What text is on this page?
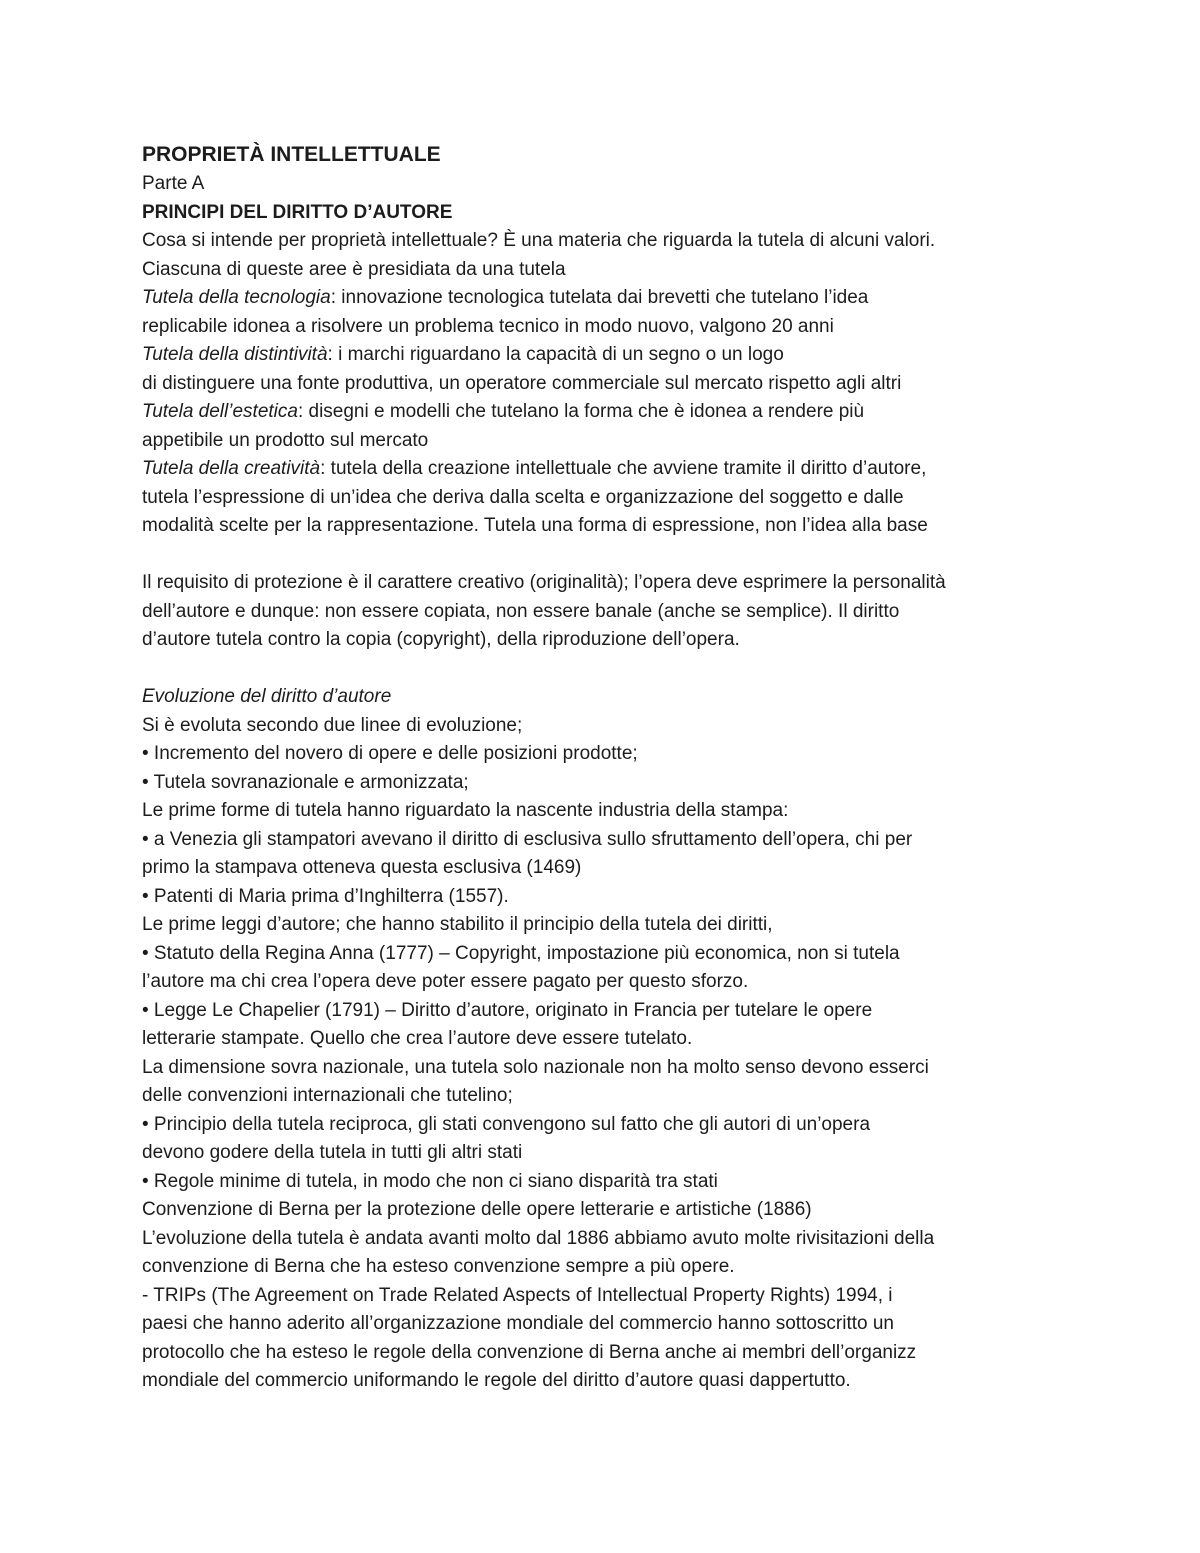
PROPRIETÀ INTELLETTUALE
Parte A
PRINCIPI DEL DIRITTO D’AUTORE
Cosa si intende per proprietà intellettuale? È una materia che riguarda la tutela di alcuni valori.
Ciascuna di queste aree è presidiata da una tutela
Tutela della tecnologia: innovazione tecnologica tutelata dai brevetti che tutelano l’idea
replicabile idonea a risolvere un problema tecnico in modo nuovo, valgono 20 anni
Tutela della distintività: i marchi riguardano la capacità di un segno o un logo
di distinguere una fonte produttiva, un operatore commerciale sul mercato rispetto agli altri
Tutela dell’estetica: disegni e modelli che tutelano la forma che è idonea a rendere più
appetibile un prodotto sul mercato
Tutela della creatività: tutela della creazione intellettuale che avviene tramite il diritto d’autore,
tutela l’espressione di un’idea che deriva dalla scelta e organizzazione del soggetto e dalle
modalità scelte per la rappresentazione. Tutela una forma di espressione, non l’idea alla base
Il requisito di protezione è il carattere creativo (originalità); l’opera deve esprimere la personalità
dell’autore e dunque: non essere copiata, non essere banale (anche se semplice). Il diritto
d’autore tutela contro la copia (copyright), della riproduzione dell’opera.
Evoluzione del diritto d’autore
Si è evoluta secondo due linee di evoluzione;
• Incremento del novero di opere e delle posizioni prodotte;
• Tutela sovranazionale e armonizzata;
Le prime forme di tutela hanno riguardato la nascente industria della stampa:
• a Venezia gli stampatori avevano il diritto di esclusiva sullo sfruttamento dell’opera, chi per
primo la stampava otteneva questa esclusiva (1469)
• Patenti di Maria prima d’Inghilterra (1557).
Le prime leggi d’autore; che hanno stabilito il principio della tutela dei diritti,
• Statuto della Regina Anna (1777) – Copyright, impostazione più economica, non si tutela
l’autore ma chi crea l’opera deve poter essere pagato per questo sforzo.
• Legge Le Chapelier (1791) – Diritto d’autore, originato in Francia per tutelare le opere
letterarie stampate. Quello che crea l’autore deve essere tutelato.
La dimensione sovra nazionale, una tutela solo nazionale non ha molto senso devono esserci
delle convenzioni internazionali che tutelino;
• Principio della tutela reciproca, gli stati convengono sul fatto che gli autori di un’opera
devono godere della tutela in tutti gli altri stati
• Regole minime di tutela, in modo che non ci siano disparità tra stati
Convenzione di Berna per la protezione delle opere letterarie e artistiche (1886)
L’evoluzione della tutela è andata avanti molto dal 1886 abbiamo avuto molte rivisitazioni della
convenzione di Berna che ha esteso convenzione sempre a più opere.
- TRIPs (The Agreement on Trade Related Aspects of Intellectual Property Rights) 1994, i
paesi che hanno aderito all’organizzazione mondiale del commercio hanno sottoscritto un
protocollo che ha esteso le regole della convenzione di Berna anche ai membri dell’organizz
mondiale del commercio uniformando le regole del diritto d’autore quasi dappertutto.
